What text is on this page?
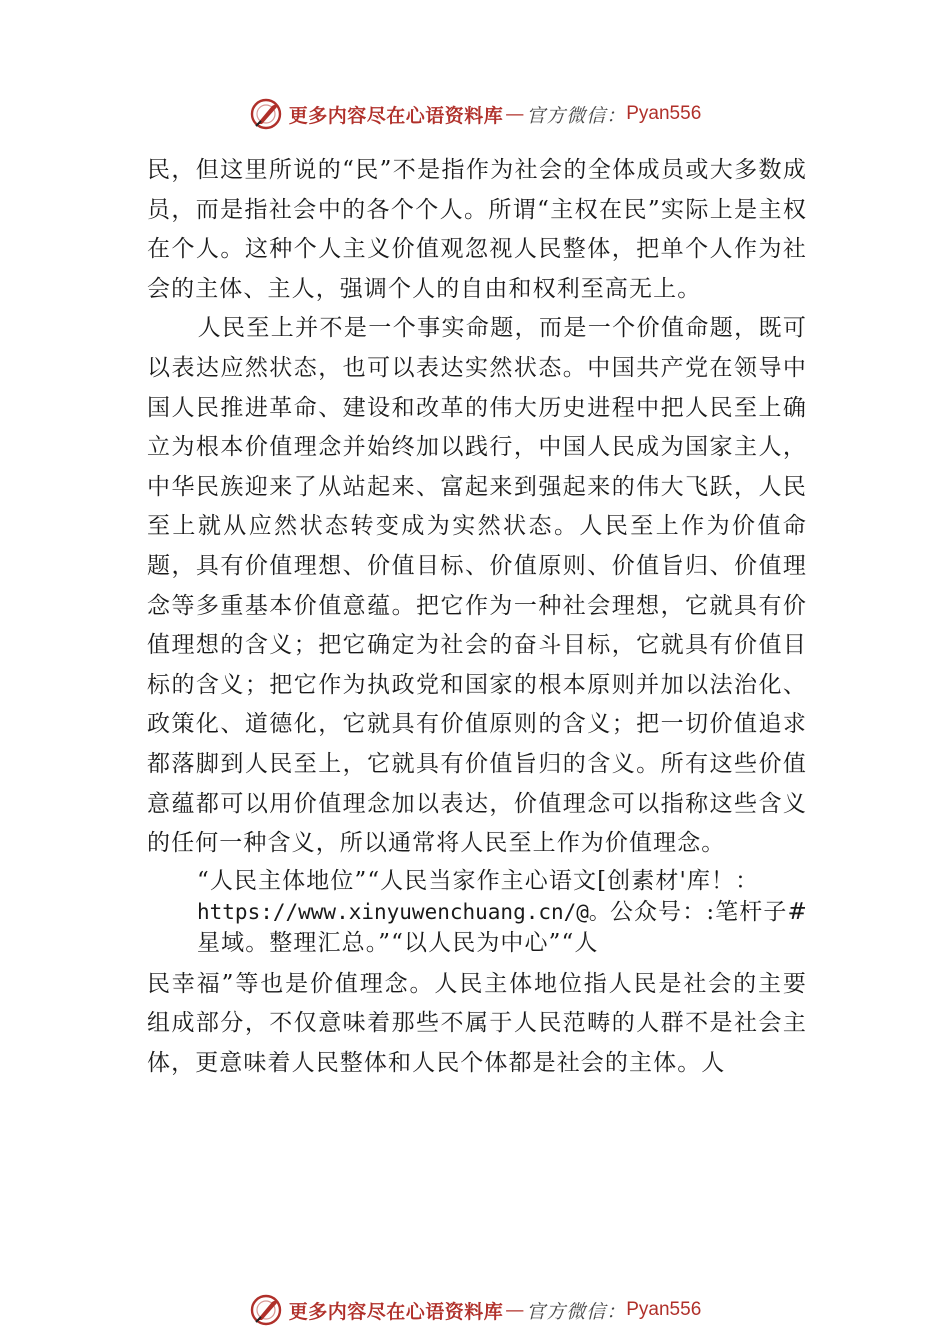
更多内容尽在心语资料库 — 官方微信： Pyan556

民，但这里所说的“民”不是指作为社会的全体成员或大多数成员，而是指社会中的各个个人。所谓“主权在民”实际上是主权在个人。这种个人主义价值观忽视人民整体，把单个人作为社会的主体、主人，强调个人的自由和权利至高无上。

人民至上并不是一个事实命题，而是一个价值命题，既可以表达应然状态，也可以表达实然状态。中国共产党在领导中国人民推进革命、建设和改革的伟大历史进程中把人民至上确立为根本价值理念并始终加以践行，中国人民成为国家主人，中华民族迎来了从站起来、富起来到强起来的伟大飞跃，人民至上就从应然状态转变成为实然状态。人民至上作为价值命题，具有价值理想、价值目标、价值原则、价值旨归、价值理念等多重基本价值意蕴。把它作为一种社会理想，它就具有价值理想的含义；把它确定为社会的奋斗目标，它就具有价值目标的含义；把它作为执政党和国家的根本原则并加以法治化、政策化、道德化，它就具有价值原则的含义；把一切价值追求都落脚到人民至上，它就具有价值旨归的含义。所有这些价值意蕴都可以用价值理念加以表达，价值理念可以指称这些含义的任何一种含义，所以通常将人民至上作为价值理念。

“人民主体地位”“人民当家作主心语文[创素材'库！：
https://www.xinyuwenchuang.cn/@。公众号：:笔杆子#
星域。整理汇总。”“以人民为中心”“人

民幸福”等也是价值理念。人民主体地位指人民是社会的主要组成部分，不仅意味着那些不属于人民范畴的人群不是社会主体，更意味着人民整体和人民个体都是社会的主体。人

更多内容尽在心语资料库 — 官方微信： Pyan556
